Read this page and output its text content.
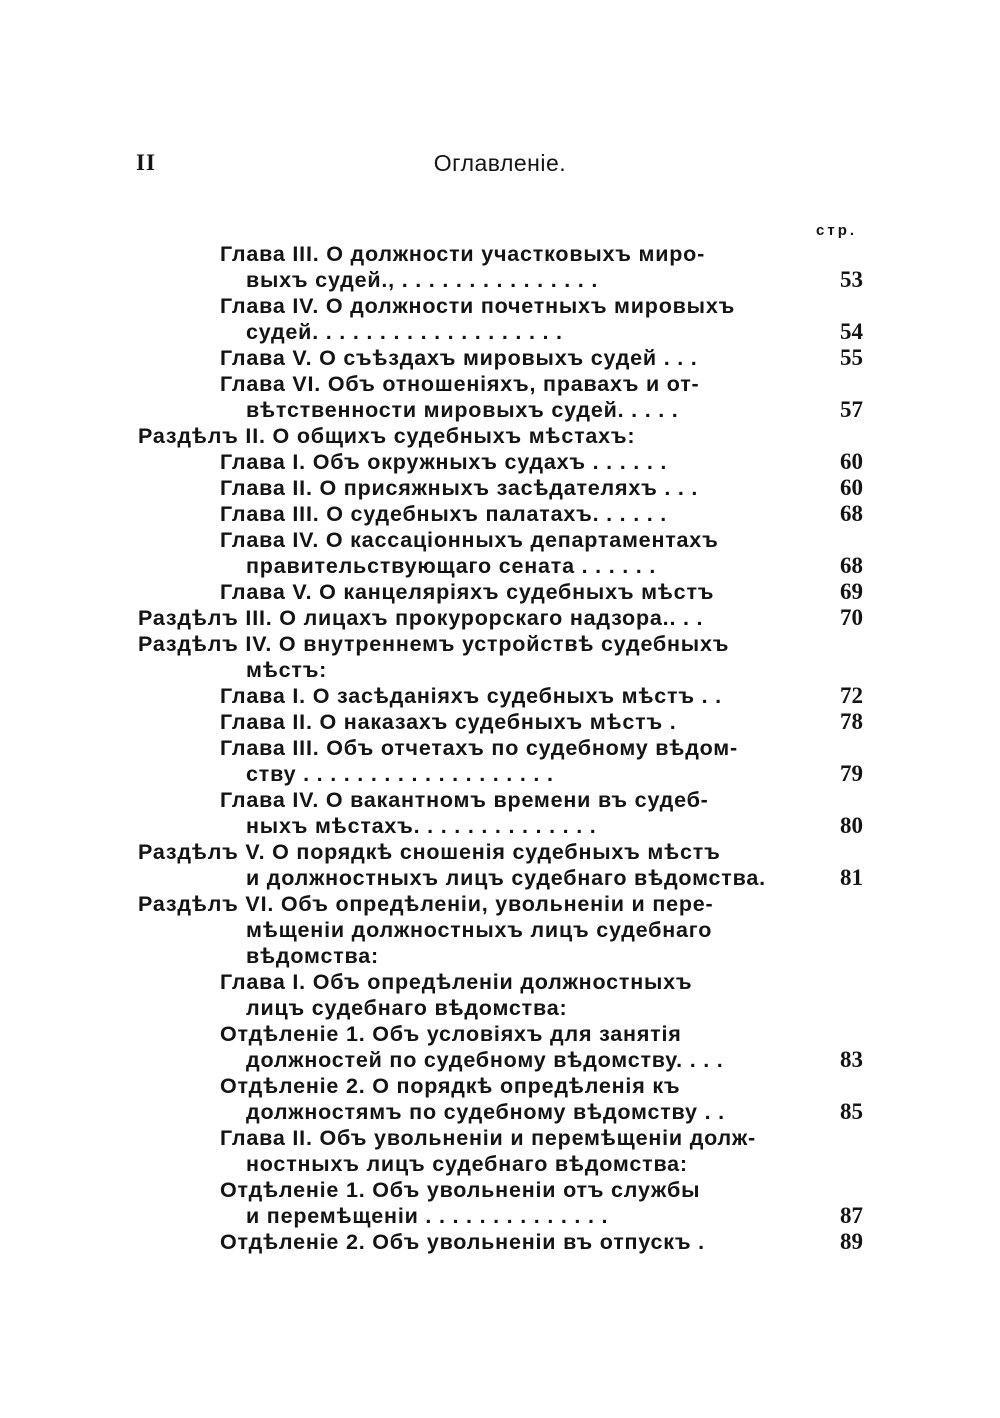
II	Оглавленіе.
стр.
Глава III. О должности участковыхъ миро-
выхъ судей., . . . . . . . . . . . . . . .	53
Глава IV. О должности почетныхъ мировыхъ
судей. . . . . . . . . . . . . . . . . . .	54
Глава V. О съѣздахъ мировыхъ судей . . .	55
Глава VI. Объ отношеніяхъ, правахъ и от-
вѣтственности мировыхъ судей. . . . .	57
Раздѣлъ II. О общихъ судебныхъ мѣстахъ:
Глава I. Объ окружныхъ судахъ . . . . . .	60
Глава II. О присяжныхъ засѣдателяхъ . . .	60
Глава III. О судебныхъ палатахъ. . . . . .	68
Глава IV. О кассаціонныхъ департаментахъ
правительствующаго сената . . . . . .	68
Глава V. О канцеляріяхъ судебныхъ мѣстъ	69
Раздѣлъ III. О лицахъ прокурорскаго надзора.. . .	70
Раздѣлъ IV. О внутреннемъ устройствѣ судебныхъ
мѣстъ:
Глава I. О засѣданіяхъ судебныхъ мѣстъ . .	72
Глава II. О наказахъ судебныхъ мѣстъ .	78
Глава III. Объ отчетахъ по судебному вѣдом-
ству . . . . . . . . . . . . . . . . . . .	79
Глава IV. О вакантномъ времени въ судеб-
ныхъ мѣстахъ. . . . . . . . . . . . . .	80
Раздѣлъ V. О порядкѣ сношенія судебныхъ мѣстъ
и должностныхъ лицъ судебнаго вѣдомства.	81
Раздѣлъ VI. Объ опредѣленіи, увольненіи и пере-
мѣщеніи должностныхъ лицъ судебнаго
вѣдомства:
Глава I. Объ опредѣленіи должностныхъ
лицъ судебнаго вѣдомства:
Отдѣленіе 1. Объ условіяхъ для занятія
должностей по судебному вѣдомству. . . .	83
Отдѣленіе 2. О порядкѣ опредѣленія къ
должностямъ по судебному вѣдомству . .	85
Глава II. Объ увольненіи и перемѣщеніи долж-
ностныхъ лицъ судебнаго вѣдомства:
Отдѣленіе 1. Объ увольненіи отъ службы
и перемѣщеніи . . . . . . . . . . . . . .	87
Отдѣленіе 2. Объ увольненіи въ отпускъ .	89
